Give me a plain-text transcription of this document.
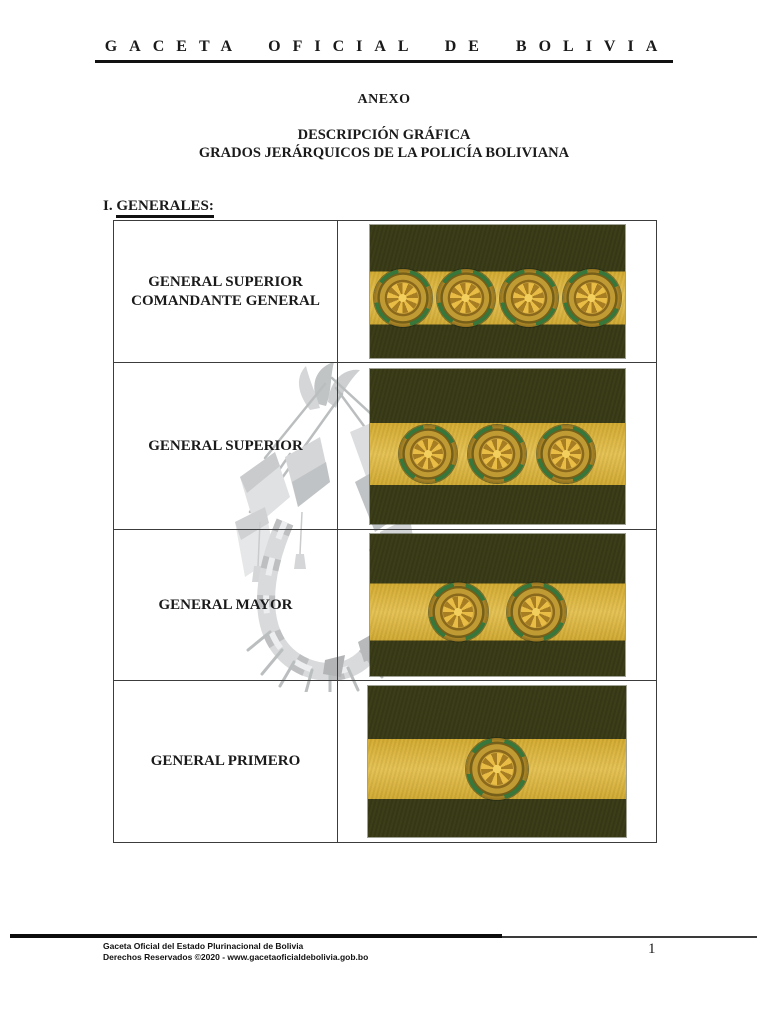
GACETA OFICIAL DE BOLIVIA
ANEXO
DESCRIPCIÓN GRÁFICA
GRADOS JERÁRQUICOS DE LA POLICÍA BOLIVIANA
I. GENERALES:
GENERAL SUPERIOR
COMANDANTE GENERAL
GENERAL SUPERIOR
GENERAL MAYOR
GENERAL PRIMERO
Gaceta Oficial del Estado Plurinacional de Bolivia
Derechos Reservados ©2020 - www.gacetaoficialdebolivia.gob.bo	1
